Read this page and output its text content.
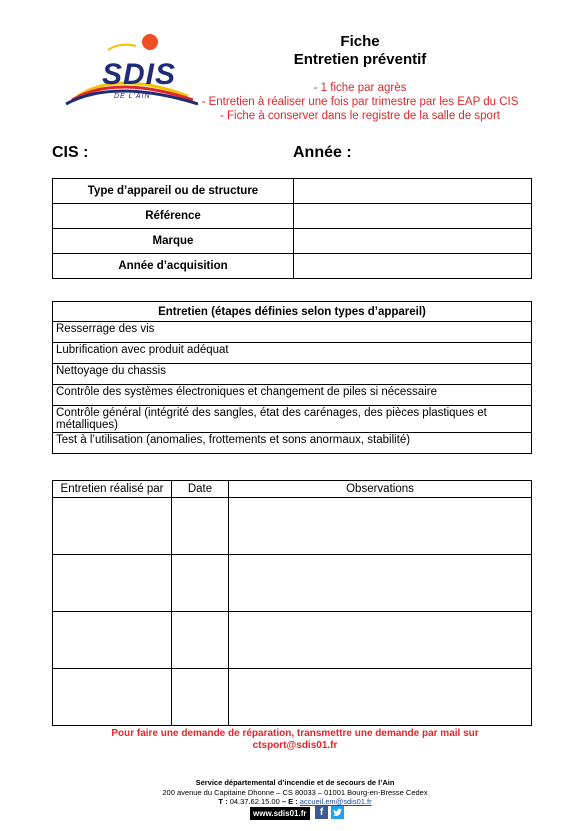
SDIS
DE L'AIN
Fiche
Entretien préventif
- 1 fiche par agrès
- Entretien à réaliser une fois par trimestre par les EAP du CIS
- Fiche à conserver dans le registre de la salle de sport
CIS :	Année :
Type d’appareil ou de structure	
Référence	
Marque	
Année d’acquisition	
Entretien (étapes définies selon types d’appareil)
Resserrage des vis
Lubrification avec produit adéquat
Nettoyage du chassis
Contrôle des systèmes électroniques et changement de piles si nécessaire
Contrôle général (intégrité des sangles, état des carénages, des pièces plastiques et métalliques)
Test à l’utilisation (anomalies, frottements et sons anormaux, stabilité)
Entretien réalisé par	Date	Observations

Pour faire une demande de réparation, transmettre une demande par mail sur ctsport@sdis01.fr
Service départemental d’incendie et de secours de l’Ain
200 avenue du Capitaine Dhonne – CS 80033 – 01001 Bourg-en-Bresse Cedex
T : 04.37.62.15.00 – E : accueil.em@sdis01.fr
www.sdis01.fr	f
